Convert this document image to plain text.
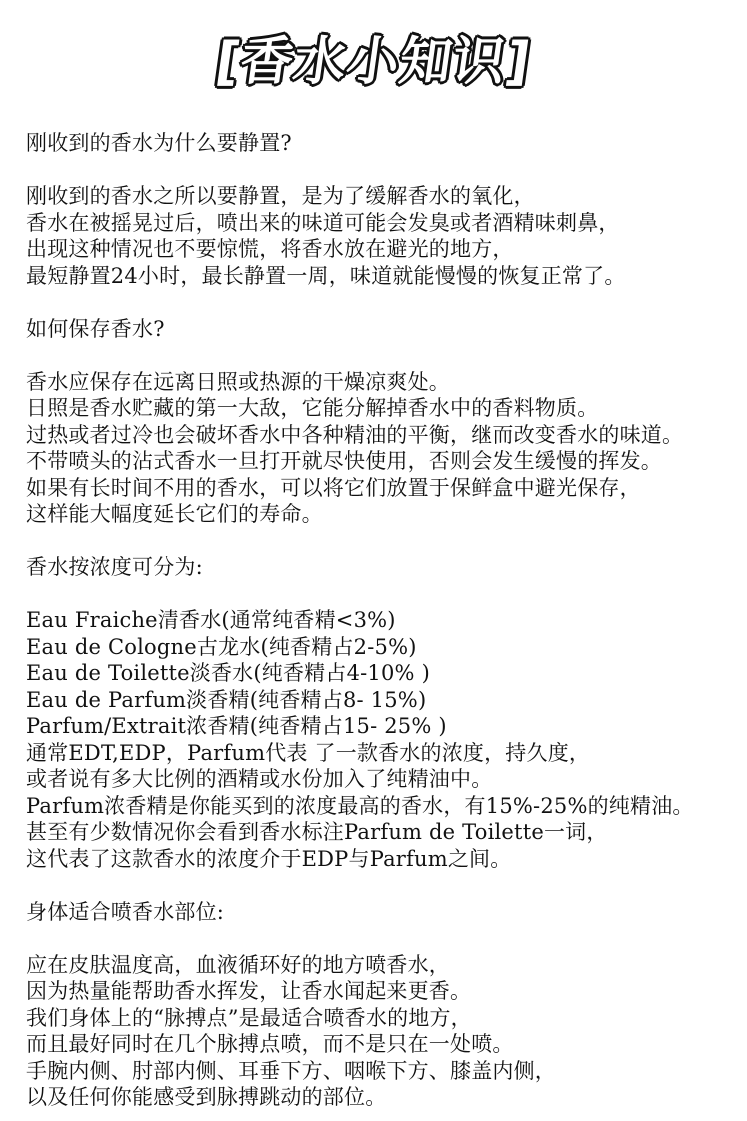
[香水小知识]
刚收到的香水为什么要静置?
刚收到的香水之所以要静置，是为了缓解香水的氧化，
香水在被摇晃过后，喷出来的味道可能会发臭或者酒精味刺鼻，
出现这种情况也不要惊慌，将香水放在避光的地方，
最短静置24小时，最长静置一周，味道就能慢慢的恢复正常了。
如何保存香水?
香水应保存在远离日照或热源的干燥凉爽处。
日照是香水贮藏的第一大敌，它能分解掉香水中的香料物质。
过热或者过冷也会破坏香水中各种精油的平衡，继而改变香水的味道。
不带喷头的沾式香水一旦打开就尽快使用，否则会发生缓慢的挥发。
如果有长时间不用的香水，可以将它们放置于保鲜盒中避光保存，
这样能大幅度延长它们的寿命。
香水按浓度可分为:
Eau Fraiche清香水(通常纯香精<3%)
Eau de Cologne古龙水(纯香精占2-5%)
Eau de Toilette淡香水(纯香精占4-10% )
Eau de Parfum淡香精(纯香精占8- 15%)
Parfum/Extrait浓香精(纯香精占15- 25% )
通常EDT,EDP，Parfum代表 了一款香水的浓度，持久度，
或者说有多大比例的酒精或水份加入了纯精油中。
Parfum浓香精是你能买到的浓度最高的香水，有15%-25%的纯精油。
甚至有少数情况你会看到香水标注Parfum de Toilette一词，
这代表了这款香水的浓度介于EDP与Parfum之间。
身体适合喷香水部位:
应在皮肤温度高，血液循环好的地方喷香水，
因为热量能帮助香水挥发，让香水闻起来更香。
我们身体上的“脉搏点”是最适合喷香水的地方，
而且最好同时在几个脉搏点喷，而不是只在一处喷。
手腕内侧、肘部内侧、耳垂下方、咽喉下方、膝盖内侧，
以及任何你能感受到脉搏跳动的部位。
